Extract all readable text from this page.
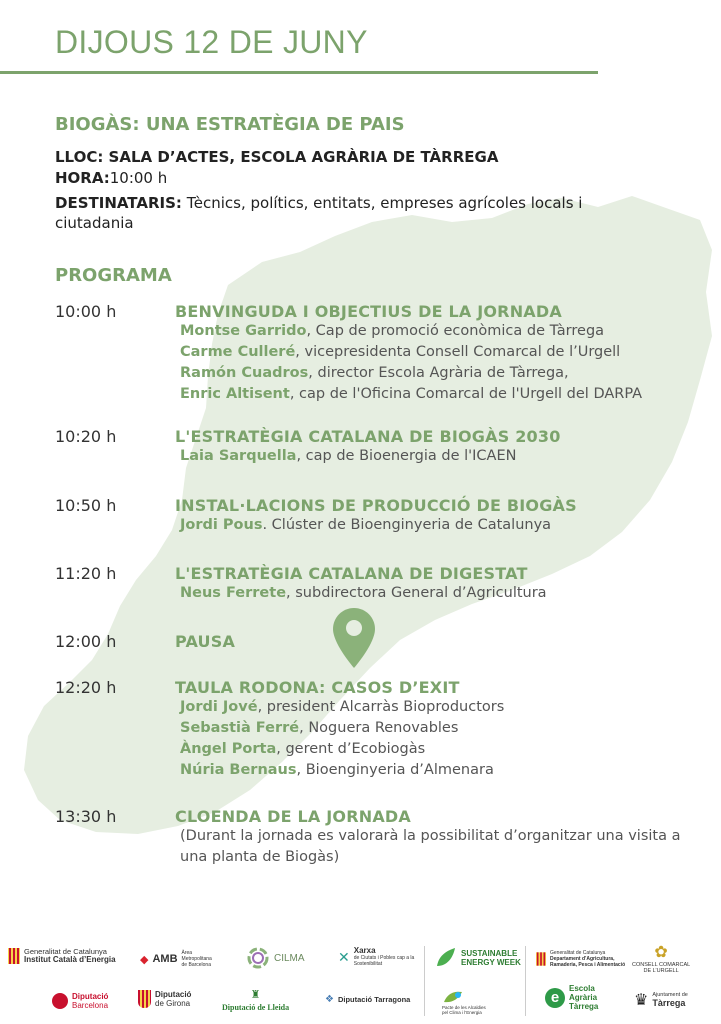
DIJOUS 12 DE JUNY
BIOGÀS: UNA ESTRATÈGIA DE PAIS
LLOC: SALA D’ACTES, ESCOLA AGRÀRIA DE TÀRREGA
HORA:10:00 h
DESTINATARIS: Tècnics, polítics, entitats, empreses agrícoles locals i ciutadania
PROGRAMA
10:00 h	BENVINGUDA I OBJECTIUS DE LA JORNADA
Montse Garrido, Cap de promoció econòmica de Tàrrega
Carme Culleré, vicepresidenta Consell Comarcal de l’Urgell
Ramón Cuadros, director Escola Agrària de Tàrrega,
Enric Altisent, cap de l'Oficina Comarcal de l'Urgell del DARPA
10:20 h	L'ESTRATÈGIA CATALANA DE BIOGÀS 2030
Laia Sarquella, cap de Bioenergia de l'ICAEN
10:50 h	INSTAL·LACIONS DE PRODUCCIÓ DE BIOGÀS
Jordi Pous. Clúster de Bioenginyeria de Catalunya
11:20 h	L'ESTRATÈGIA CATALANA DE DIGESTAT
Neus Ferrete, subdirectora General d’Agricultura
12:00 h	PAUSA
12:20 h	TAULA RODONA: CASOS D’EXIT
Jordi Jové, president Alcarràs Bioproductors
Sebastià Ferré, Noguera Renovables
Àngel Porta, gerent d’Ecobiogàs
Núria Bernaus, Bioenginyeria d’Almenara
13:30 h	CLOENDA DE LA JORNADA
(Durant la jornada es valorarà la possibilitat d’organitzar una visita a una planta de Biogàs)
Generalitat de Catalunya
Institut Català d’Energia ◆ AMB Àrea Metropolitana de Barcelona
CILMA ✕ Xarxa
de Ciutats i Pobles cap a la Sostenibilitat
SUSTAINABLE
ENERGY WEEK
Generalitat de Catalunya
Departament d’Agricultura, Ramaderia, Pesca i Alimentació
✿
CONSELL COMARCAL
DE L’URGELL
Diputació
Barcelona
Diputació
de Girona
♜
Diputació de Lleida
❖ Diputació Tarragona
Pacte de les Alcaldies
pel Clima i l’Energia
e	Escola
Agrària
Tàrrega ♛ Ajuntament de
Tàrrega
